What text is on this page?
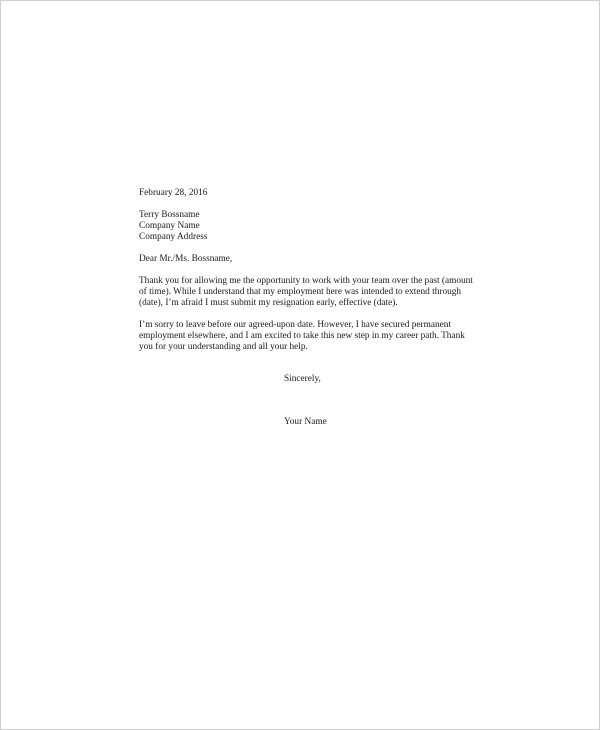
February 28, 2016
Terry Bossname
Company Name
Company Address
Dear Mr./Ms. Bossname,
Thank you for allowing me the opportunity to work with your team over the past (amount
of time). While I understand that my employment here was intended to extend through
(date), I’m afraid I must submit my resignation early, effective (date).
I’m sorry to leave before our agreed-upon date. However, I have secured permanent
employment elsewhere, and I am excited to take this new step in my career path. Thank
you for your understanding and all your help.
Sincerely,
Your Name
